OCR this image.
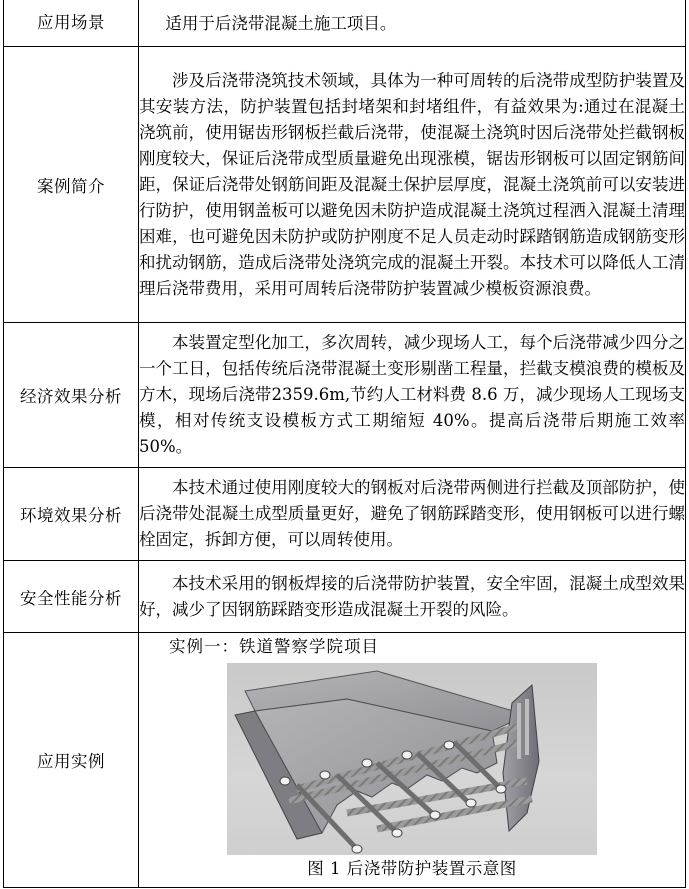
应用场景	适用于后浇带混凝土施工项目。

案例简介	涉及后浇带浇筑技术领域，具体为一种可周转的后浇带成型防护装置及其安装方法，防护装置包括封堵架和封堵组件，有益效果为:通过在混凝土浇筑前，使用锯齿形钢板拦截后浇带，使混凝土浇筑时因后浇带处拦截钢板刚度较大，保证后浇带成型质量避免出现涨模，锯齿形钢板可以固定钢筋间距，保证后浇带处钢筋间距及混凝土保护层厚度，混凝土浇筑前可以安装进行防护，使用钢盖板可以避免因未防护造成混凝土浇筑过程洒入混凝土清理困难，也可避免因未防护或防护刚度不足人员走动时踩踏钢筋造成钢筋变形和扰动钢筋，造成后浇带处浇筑完成的混凝土开裂。本技术可以降低人工清理后浇带费用，采用可周转后浇带防护装置减少模板资源浪费。

经济效果分析	本装置定型化加工，多次周转，减少现场人工，每个后浇带减少四分之一个工日，包括传统后浇带混凝土变形剔凿工程量，拦截支模浪费的模板及方木，现场后浇带2359.6m,节约人工材料费 8.6 万，减少现场人工现场支模，相对传统支设模板方式工期缩短 40%。提高后浇带后期施工效率 50%。

环境效果分析	本技术通过使用刚度较大的钢板对后浇带两侧进行拦截及顶部防护，使后浇带处混凝土成型质量更好，避免了钢筋踩踏变形，使用钢板可以进行螺栓固定，拆卸方便，可以周转使用。

安全性能分析	本技术采用的钢板焊接的后浇带防护装置，安全牢固，混凝土成型效果好，减少了因钢筋踩踏变形造成混凝土开裂的风险。

应用实例	实例一：铁道警察学院项目
图 1 后浇带防护装置示意图
